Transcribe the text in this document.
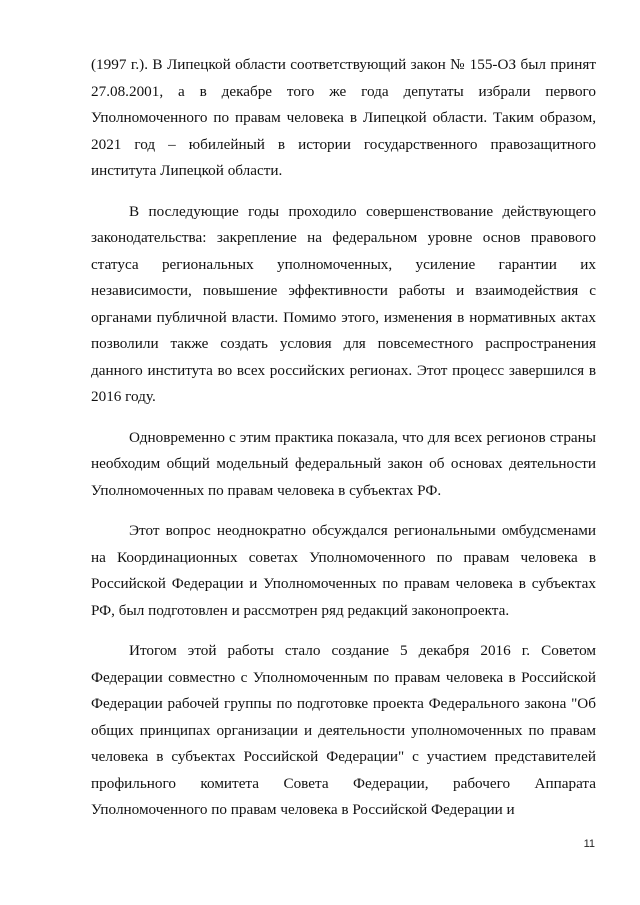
(1997 г.). В Липецкой области соответствующий закон № 155-ОЗ был принят 27.08.2001, а в декабре того же года депутаты избрали первого Уполномоченного по правам человека в Липецкой области. Таким образом, 2021 год – юбилейный в истории государственного правозащитного института Липецкой области.

В последующие годы проходило совершенствование действующего законодательства: закрепление на федеральном уровне основ правового статуса региональных уполномоченных, усиление гарантии их независимости, повышение эффективности работы и взаимодействия с органами публичной власти. Помимо этого, изменения в нормативных актах позволили также создать условия для повсеместного распространения данного института во всех российских регионах. Этот процесс завершился в 2016 году.

Одновременно с этим практика показала, что для всех регионов страны необходим общий модельный федеральный закон об основах деятельности Уполномоченных по правам человека в субъектах РФ.

Этот вопрос неоднократно обсуждался региональными омбудсменами на Координационных советах Уполномоченного по правам человека в Российской Федерации и Уполномоченных по правам человека в субъектах РФ, был подготовлен и рассмотрен ряд редакций законопроекта.

Итогом этой работы стало создание 5 декабря 2016 г. Советом Федерации совместно с Уполномоченным по правам человека в Российской Федерации рабочей группы по подготовке проекта Федерального закона "Об общих принципах организации и деятельности уполномоченных по правам человека в субъектах Российской Федерации" с участием представителей профильного комитета Совета Федерации, рабочего Аппарата Уполномоченного по правам человека в Российской Федерации и

11
